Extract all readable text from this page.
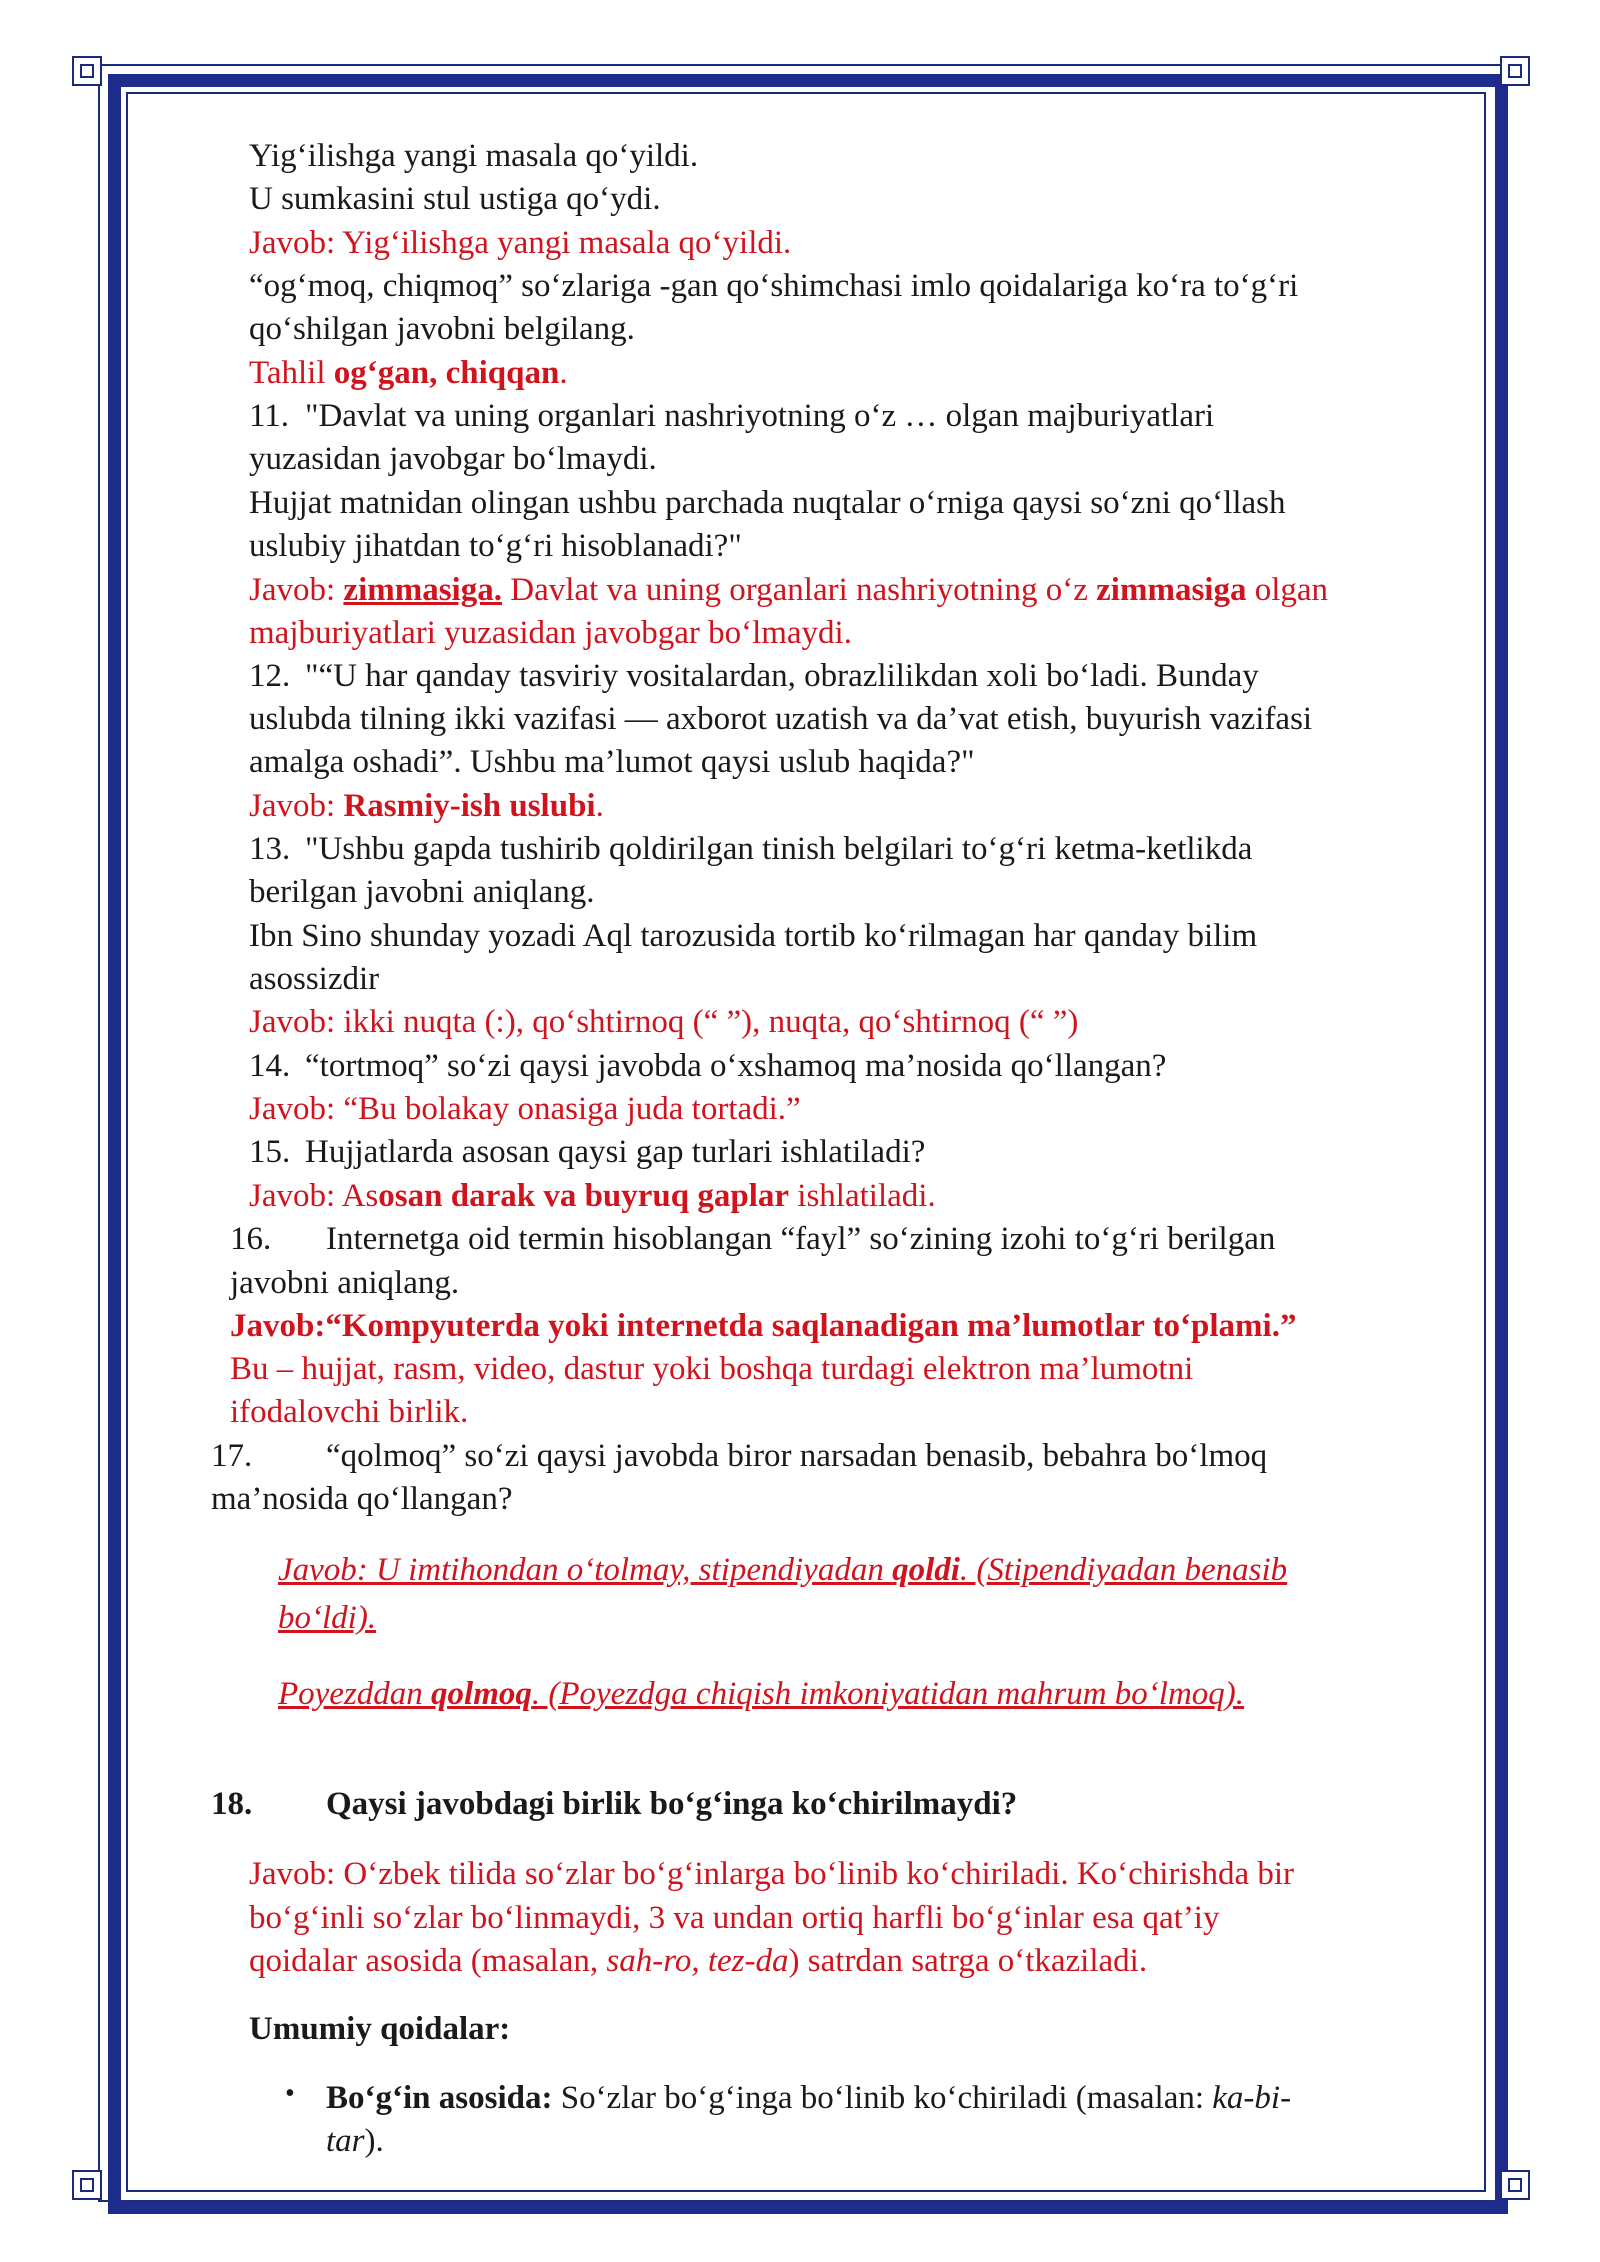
Yig‘ilishga yangi masala qo‘yildi.
U sumkasini stul ustiga qo‘ydi.
Javob: Yig‘ilishga yangi masala qo‘yildi.
“og‘moq, chiqmoq” so‘zlariga -gan qo‘shimchasi imlo qoidalariga ko‘ra to‘g‘ri
qo‘shilgan javobni belgilang.
Tahlil og‘gan, chiqqan.
11. "Davlat va uning organlari nashriyotning o‘z … olgan majburiyatlari
yuzasidan javobgar bo‘lmaydi.
Hujjat matnidan olingan ushbu parchada nuqtalar o‘rniga qaysi so‘zni qo‘llash
uslubiy jihatdan to‘g‘ri hisoblanadi?"
Javob: zimmasiga. Davlat va uning organlari nashriyotning o‘z zimmasiga olgan
majburiyatlari yuzasidan javobgar bo‘lmaydi.
12. "“U har qanday tasviriy vositalardan, obrazlilikdan xoli bo‘ladi. Bunday
uslubda tilning ikki vazifasi — axborot uzatish va da’vat etish, buyurish vazifasi
amalga oshadi”. Ushbu ma’lumot qaysi uslub haqida?"
Javob: Rasmiy-ish uslubi.
13. "Ushbu gapda tushirib qoldirilgan tinish belgilari to‘g‘ri ketma-ketlikda
berilgan javobni aniqlang.
Ibn Sino shunday yozadi Aql tarozusida tortib ko‘rilmagan har qanday bilim
asossizdir
Javob: ikki nuqta (:), qo‘shtirnoq (“ ”), nuqta, qo‘shtirnoq (“ ”)
14. “tortmoq” so‘zi qaysi javobda o‘xshamoq ma’nosida qo‘llangan?
Javob: “Bu bolakay onasiga juda tortadi.”
15. Hujjatlarda asosan qaysi gap turlari ishlatiladi?
Javob: Asosan darak va buyruq gaplar ishlatiladi.
16. Internetga oid termin hisoblangan “fayl” so‘zining izohi to‘g‘ri berilgan
javobni aniqlang.
Javob:“Kompyuterda yoki internetda saqlanadigan ma’lumotlar to‘plami.”
Bu – hujjat, rasm, video, dastur yoki boshqa turdagi elektron ma’lumotni
ifodalovchi birlik.
17. “qolmoq” so‘zi qaysi javobda biror narsadan benasib, bebahra bo‘lmoq
ma’nosida qo‘llangan?
Javob: U imtihondan o‘tolmay, stipendiyadan qoldi. (Stipendiyadan benasib
bo‘ldi).
Poyezddan qolmoq. (Poyezdga chiqish imkoniyatidan mahrum bo‘lmoq).
18. Qaysi javobdagi birlik bo‘g‘inga ko‘chirilmaydi?
Javob: O‘zbek tilida so‘zlar bo‘g‘inlarga bo‘linib ko‘chiriladi. Ko‘chirishda bir
bo‘g‘inli so‘zlar bo‘linmaydi, 3 va undan ortiq harfli bo‘g‘inlar esa qat’iy
qoidalar asosida (masalan, sah-ro, tez-da) satrdan satrga o‘tkaziladi.
Umumiy qoidalar:
• Bo‘g‘in asosida: So‘zlar bo‘g‘inga bo‘linib ko‘chiriladi (masalan: ka-bi-
tar).
